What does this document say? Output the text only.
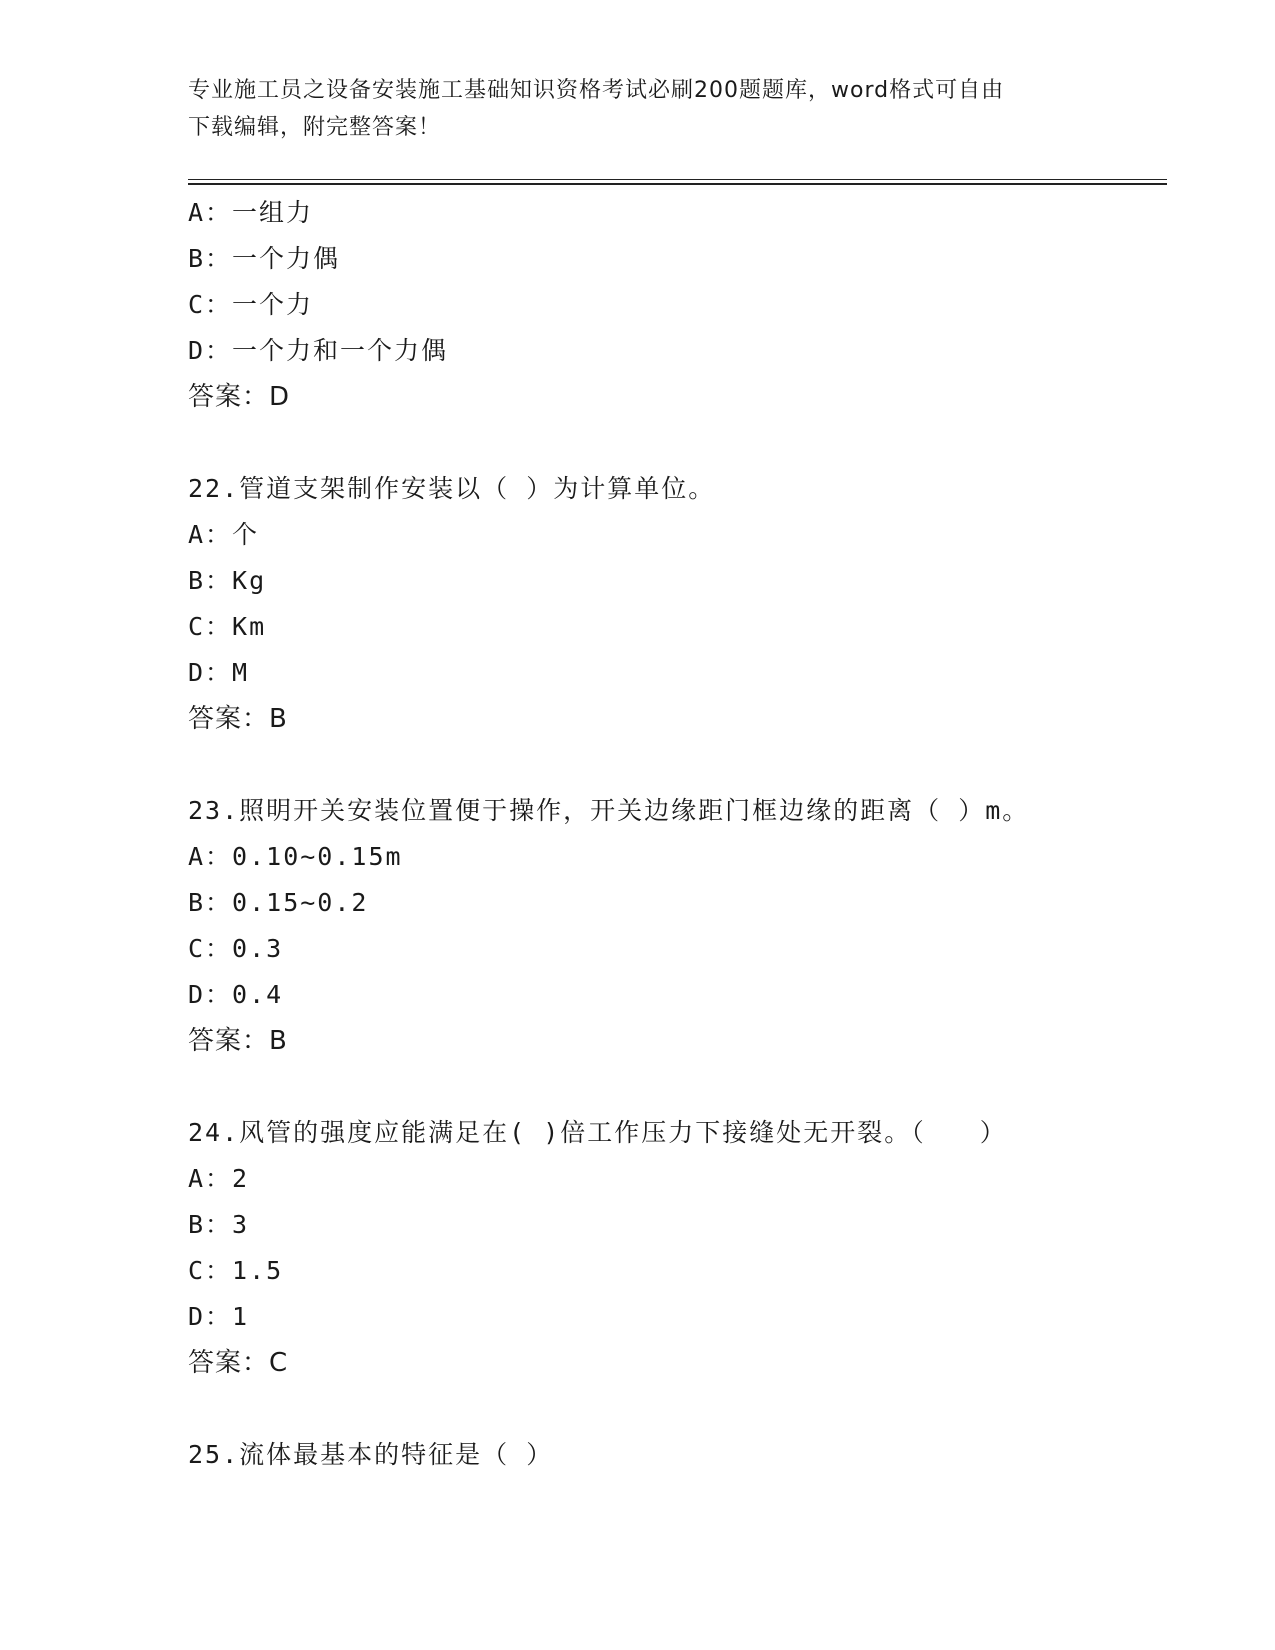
专业施工员之设备安装施工基础知识资格考试必刷200题题库，word格式可自由
下载编辑，附完整答案！
A：一组力
B：一个力偶
C：一个力
D：一个力和一个力偶
答案：D
22.管道支架制作安装以（ ）为计算单位。
A：个
B：Kg
C：Km
D：M
答案：B
23.照明开关安装位置便于操作，开关边缘距门框边缘的距离（ ）m。
A：0.10~0.15m
B：0.15~0.2
C：0.3
D：0.4
答案：B
24.风管的强度应能满足在( )倍工作压力下接缝处无开裂。（　　）
A：2
B：3
C：1.5
D：1
答案：C
25.流体最基本的特征是（ ）
